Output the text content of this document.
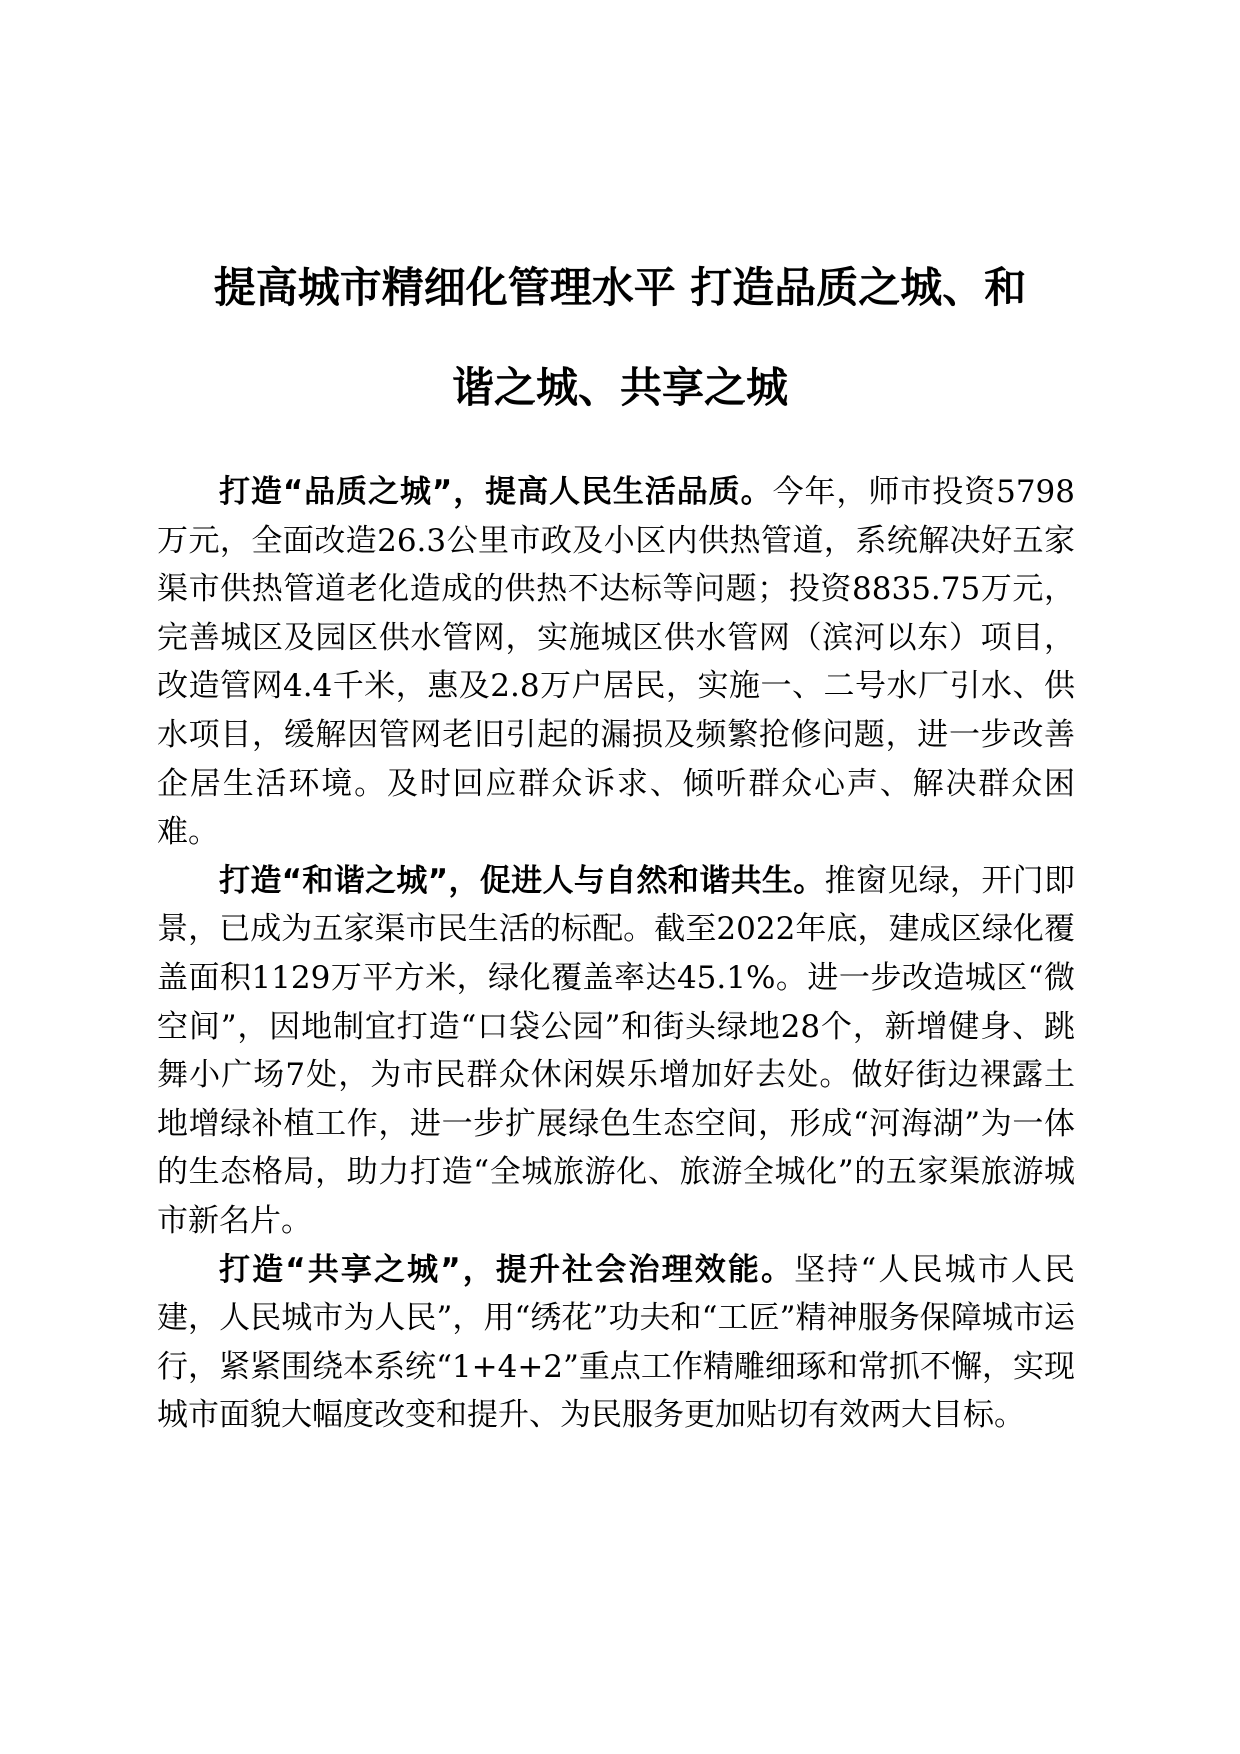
提高城市精细化管理水平 打造品质之城、和
谐之城、共享之城

打造“品质之城”，提高人民生活品质。今年，师市投资5798万元，全面改造26.3公里市政及小区内供热管道，系统解决好五家渠市供热管道老化造成的供热不达标等问题；投资8835.75万元，完善城区及园区供水管网，实施城区供水管网（滨河以东）项目，改造管网4.4千米，惠及2.8万户居民，实施一、二号水厂引水、供水项目，缓解因管网老旧引起的漏损及频繁抢修问题，进一步改善企居生活环境。及时回应群众诉求、倾听群众心声、解决群众困难。

打造“和谐之城”，促进人与自然和谐共生。推窗见绿，开门即景，已成为五家渠市民生活的标配。截至2022年底，建成区绿化覆盖面积1129万平方米，绿化覆盖率达45.1%。进一步改造城区“微空间”，因地制宜打造“口袋公园”和街头绿地28个，新增健身、跳舞小广场7处，为市民群众休闲娱乐增加好去处。做好街边裸露土地增绿补植工作，进一步扩展绿色生态空间，形成“河海湖”为一体的生态格局，助力打造“全城旅游化、旅游全城化”的五家渠旅游城市新名片。

打造“共享之城”，提升社会治理效能。坚持“人民城市人民建，人民城市为人民”，用“绣花”功夫和“工匠”精神服务保障城市运行，紧紧围绕本系统“1+4+2”重点工作精雕细琢和常抓不懈，实现城市面貌大幅度改变和提升、为民服务更加贴切有效两大目标。
